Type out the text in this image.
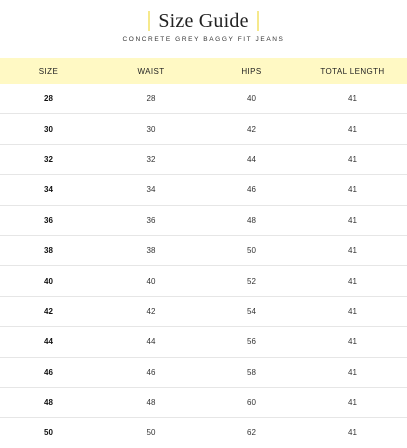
Size Guide
CONCRETE GREY BAGGY FIT JEANS
SIZE	WAIST	HIPS	TOTAL LENGTH
28	28	40	41
30	30	42	41
32	32	44	41
34	34	46	41
36	36	48	41
38	38	50	41
40	40	52	41
42	42	54	41
44	44	56	41
46	46	58	41
48	48	60	41
50	50	62	41
